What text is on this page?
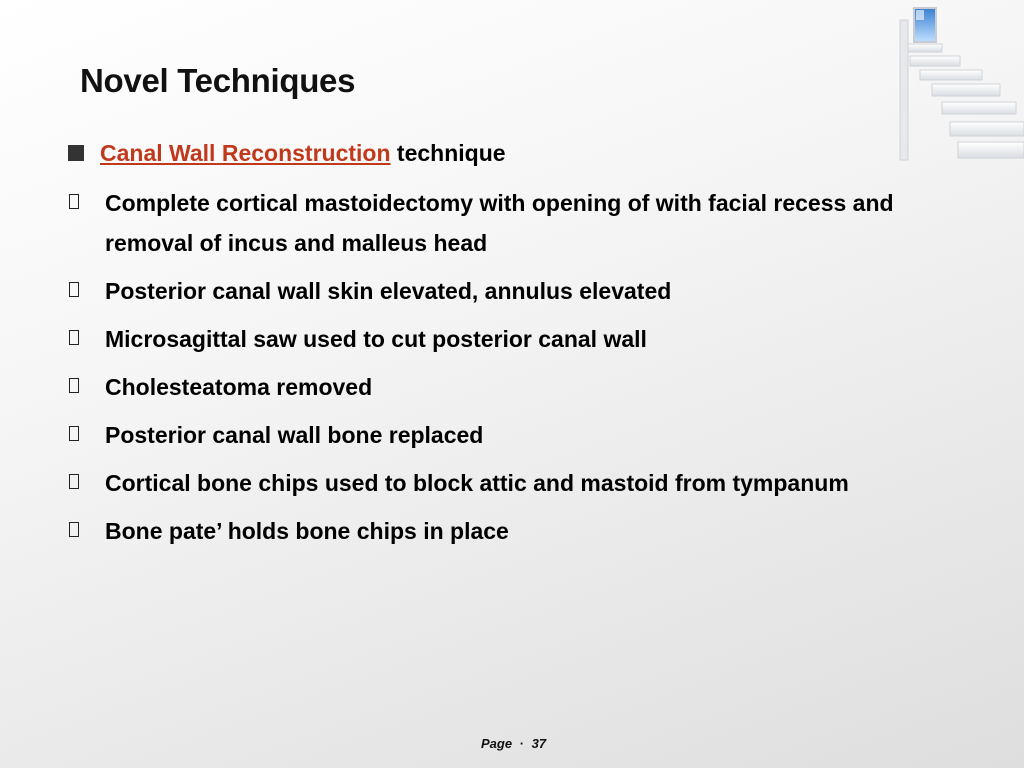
Novel Techniques
Canal Wall Reconstruction technique
Complete cortical mastoidectomy with opening of with facial recess and removal of incus and malleus head
Posterior canal wall skin elevated, annulus elevated
Microsagittal saw used to cut posterior canal wall
Cholesteatoma removed
Posterior canal wall bone replaced
Cortical bone chips used to block attic and mastoid from tympanum
Bone pate’ holds bone chips in place
Page · 37
